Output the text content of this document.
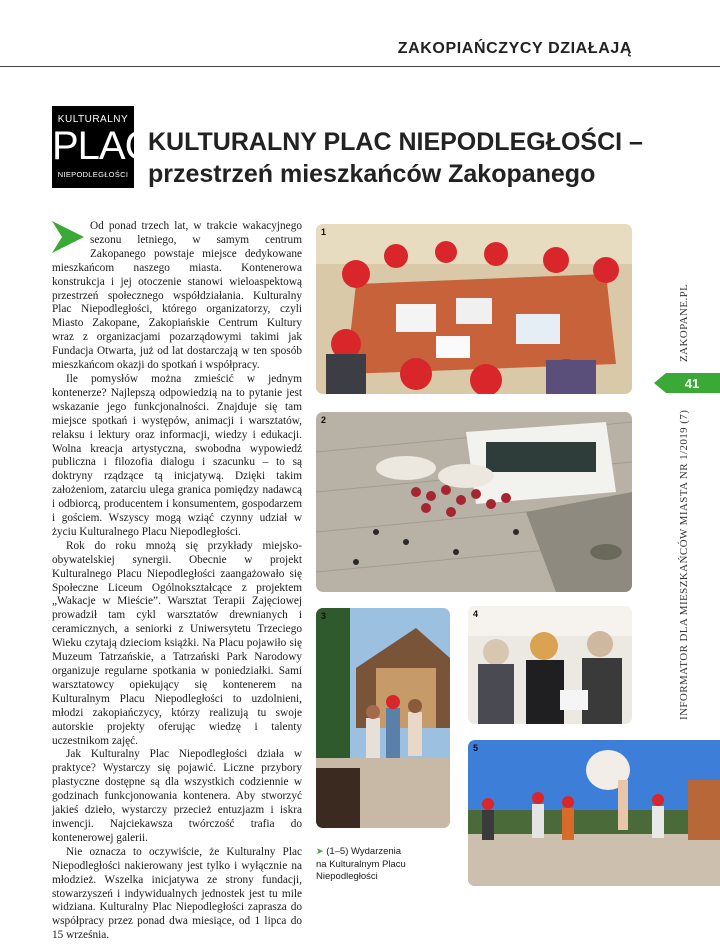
ZAKOPIAŃCZYCY DZIAŁAJĄ
KULTURALNY
PLAC
NIEPODLEGŁOŚCI
KULTURALNY PLAC NIEPODLEGŁOŚCI –
przestrzeń mieszkańców Zakopanego

Od ponad trzech lat, w trakcie wakacyjnego sezonu letniego, w samym centrum Zakopanego powstaje miejsce dedykowane mieszkańcom naszego miasta. Kontenerowa konstrukcja i jej otoczenie stanowi wieloaspektową przestrzeń społecznego współdziałania. Kulturalny Plac Niepodległości, którego organizatorzy, czyli Miasto Zakopane, Zakopiańskie Centrum Kultury wraz z organizacjami pozarządowymi takimi jak Fundacja Otwarta, już od lat dostarczają w ten sposób mieszkańcom okazji do spotkań i współpracy.

Ile pomysłów można zmieścić w jednym kontenerze? Najlepszą odpowiedzią na to pytanie jest wskazanie jego funkcjonalności. Znajduje się tam miejsce spotkań i występów, animacji i warsztatów, relaksu i lektury oraz informacji, wiedzy i edukacji. Wolna kreacja artystyczna, swobodna wypowiedź publiczna i filozofia dialogu i szacunku – to są doktryny rządzące tą inicjatywą. Dzięki takim założeniom, zatarciu ulega granica pomiędzy nadawcą i odbiorcą, producentem i konsumentem, gospodarzem i gościem. Wszyscy mogą wziąć czynny udział w życiu Kulturalnego Placu Niepodległości.

Rok do roku mnożą się przykłady miejsko-obywatelskiej synergii. Obecnie w projekt Kulturalnego Placu Niepodległości zaangażowało się Społeczne Liceum Ogólnokształcące z projektem „Wakacje w Mieście”. Warsztat Terapii Zajęciowej prowadził tam cykl warsztatów drewnianych i ceramicznych, a seniorki z Uniwersytetu Trzeciego Wieku czytają dzieciom książki. Na Placu pojawiło się Muzeum Tatrzańskie, a Tatrzański Park Narodowy organizuje regularne spotkania w poniedziałki. Sami warsztatowcy opiekujący się kontenerem na Kulturalnym Placu Niepodległości to uzdolnieni, młodzi zakopiańczycy, którzy realizują tu swoje autorskie projekty oferując wiedzę i talenty uczestnikom zajęć.

Jak Kulturalny Plac Niepodległości działa w praktyce? Wystarczy się pojawić. Liczne przybory plastyczne dostępne są dla wszystkich codziennie w godzinach funkcjonowania kontenera. Aby stworzyć jakieś dzieło, wystarczy przecież entuzjazm i iskra inwencji. Najciekawsza twórczość trafia do kontenerowej galerii.

Nie oznacza to oczywiście, że Kulturalny Plac Niepodległości nakierowany jest tylko i wyłącznie na młodzież. Wszelka inicjatywa ze strony fundacji, stowarzyszeń i indywidualnych jednostek jest tu mile widziana. Kulturalny Plac Niepodległości zaprasza do współpracy przez ponad dwa miesiące, od 1 lipca do 15 września.

1
2
3	4
5
➤ (1–5) Wydarzenia
na Kulturalnym Placu
Niepodległości
ZAKOPANE.PL
41
INFORMATOR DLA MIESZKAŃCÓW MIASTA NR 1/2019 (7)
